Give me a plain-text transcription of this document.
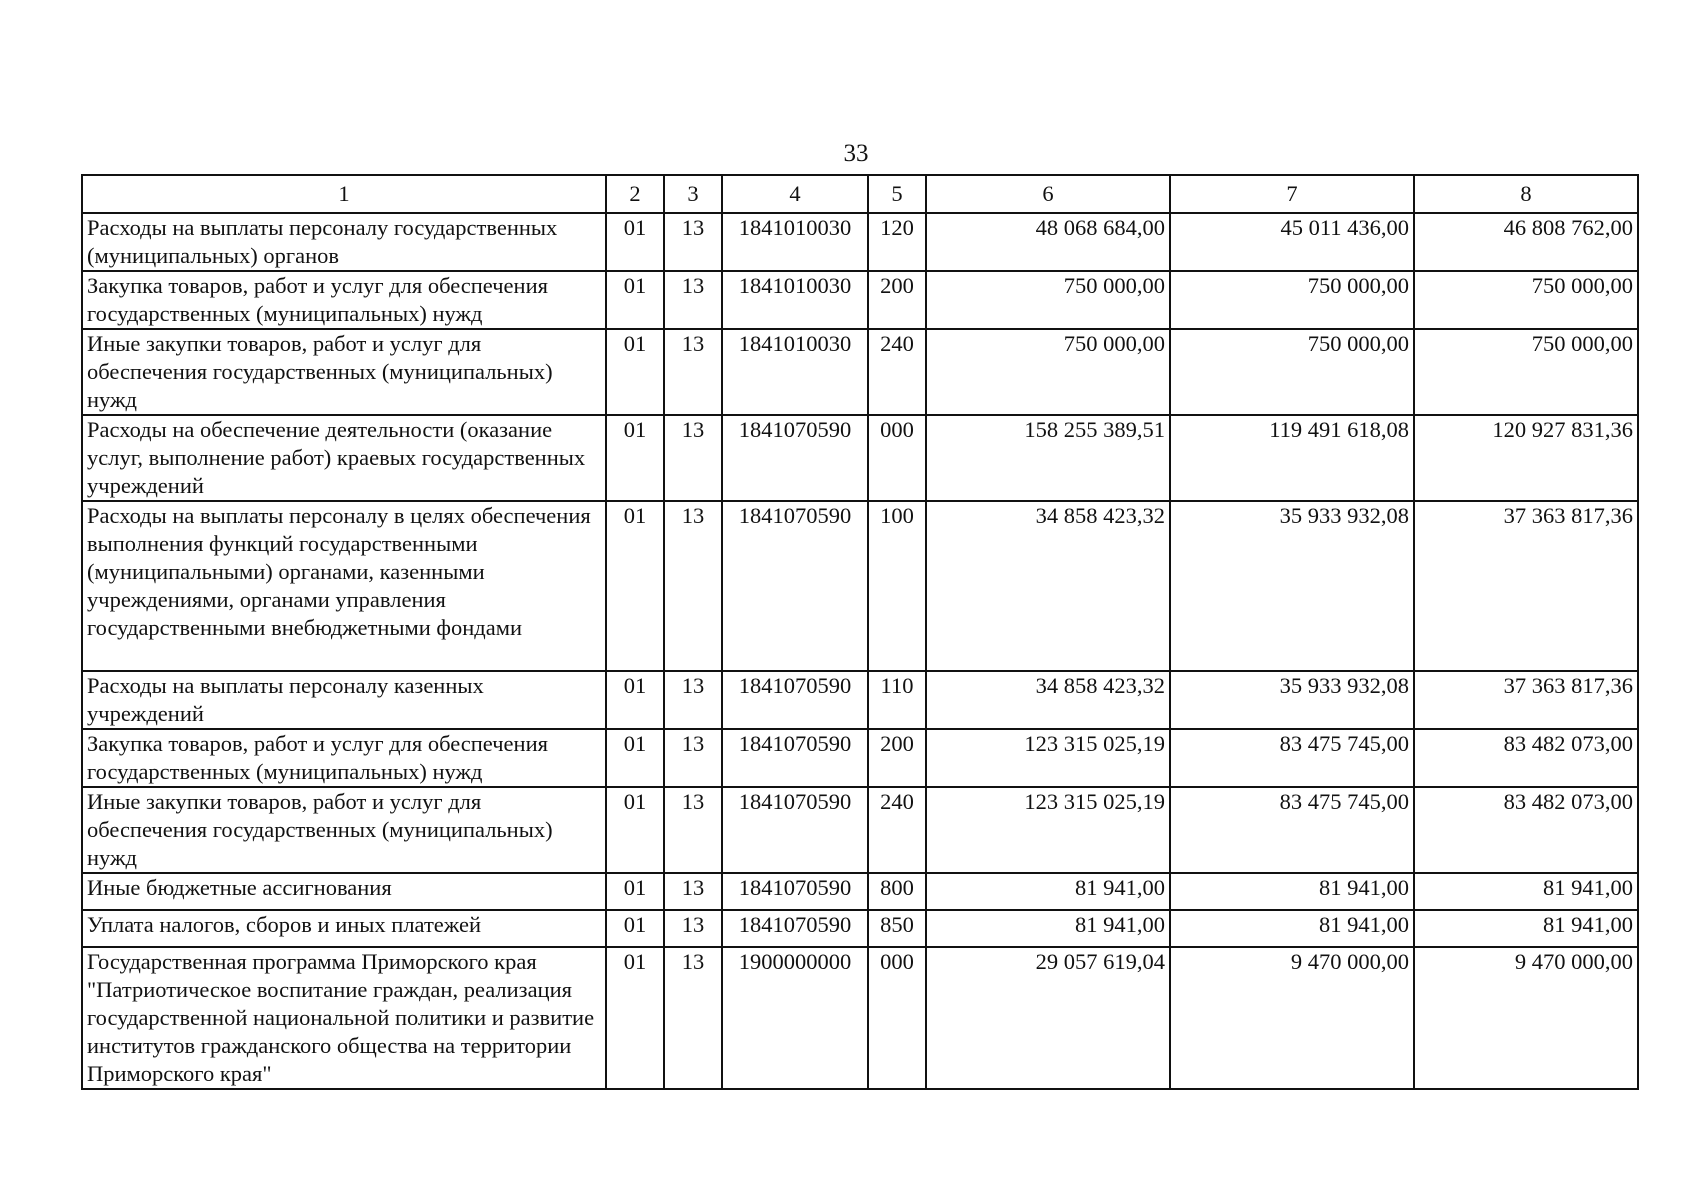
33
1	2	3	4	5	6	7	8
Расходы на выплаты персоналу государственных (муниципальных) органов	01	13	1841010030	120	48 068 684,00	45 011 436,00	46 808 762,00
Закупка товаров, работ и услуг для обеспечения государственных (муниципальных) нужд	01	13	1841010030	200	750 000,00	750 000,00	750 000,00
Иные закупки товаров, работ и услуг для обеспечения государственных (муниципальных) нужд	01	13	1841010030	240	750 000,00	750 000,00	750 000,00
Расходы на обеспечение деятельности (оказание услуг, выполнение работ) краевых государственных учреждений	01	13	1841070590	000	158 255 389,51	119 491 618,08	120 927 831,36
Расходы на выплаты персоналу в целях обеспечения выполнения функций государственными (муниципальными) органами, казенными учреждениями, органами управления государственными внебюджетными фондами	01	13	1841070590	100	34 858 423,32	35 933 932,08	37 363 817,36
Расходы на выплаты персоналу казенных учреждений	01	13	1841070590	110	34 858 423,32	35 933 932,08	37 363 817,36
Закупка товаров, работ и услуг для обеспечения государственных (муниципальных) нужд	01	13	1841070590	200	123 315 025,19	83 475 745,00	83 482 073,00
Иные закупки товаров, работ и услуг для обеспечения государственных (муниципальных) нужд	01	13	1841070590	240	123 315 025,19	83 475 745,00	83 482 073,00
Иные бюджетные ассигнования	01	13	1841070590	800	81 941,00	81 941,00	81 941,00
Уплата налогов, сборов и иных платежей	01	13	1841070590	850	81 941,00	81 941,00	81 941,00
Государственная программа Приморского края "Патриотическое воспитание граждан, реализация государственной национальной политики и развитие институтов гражданского общества на территории Приморского края"	01	13	1900000000	000	29 057 619,04	9 470 000,00	9 470 000,00
